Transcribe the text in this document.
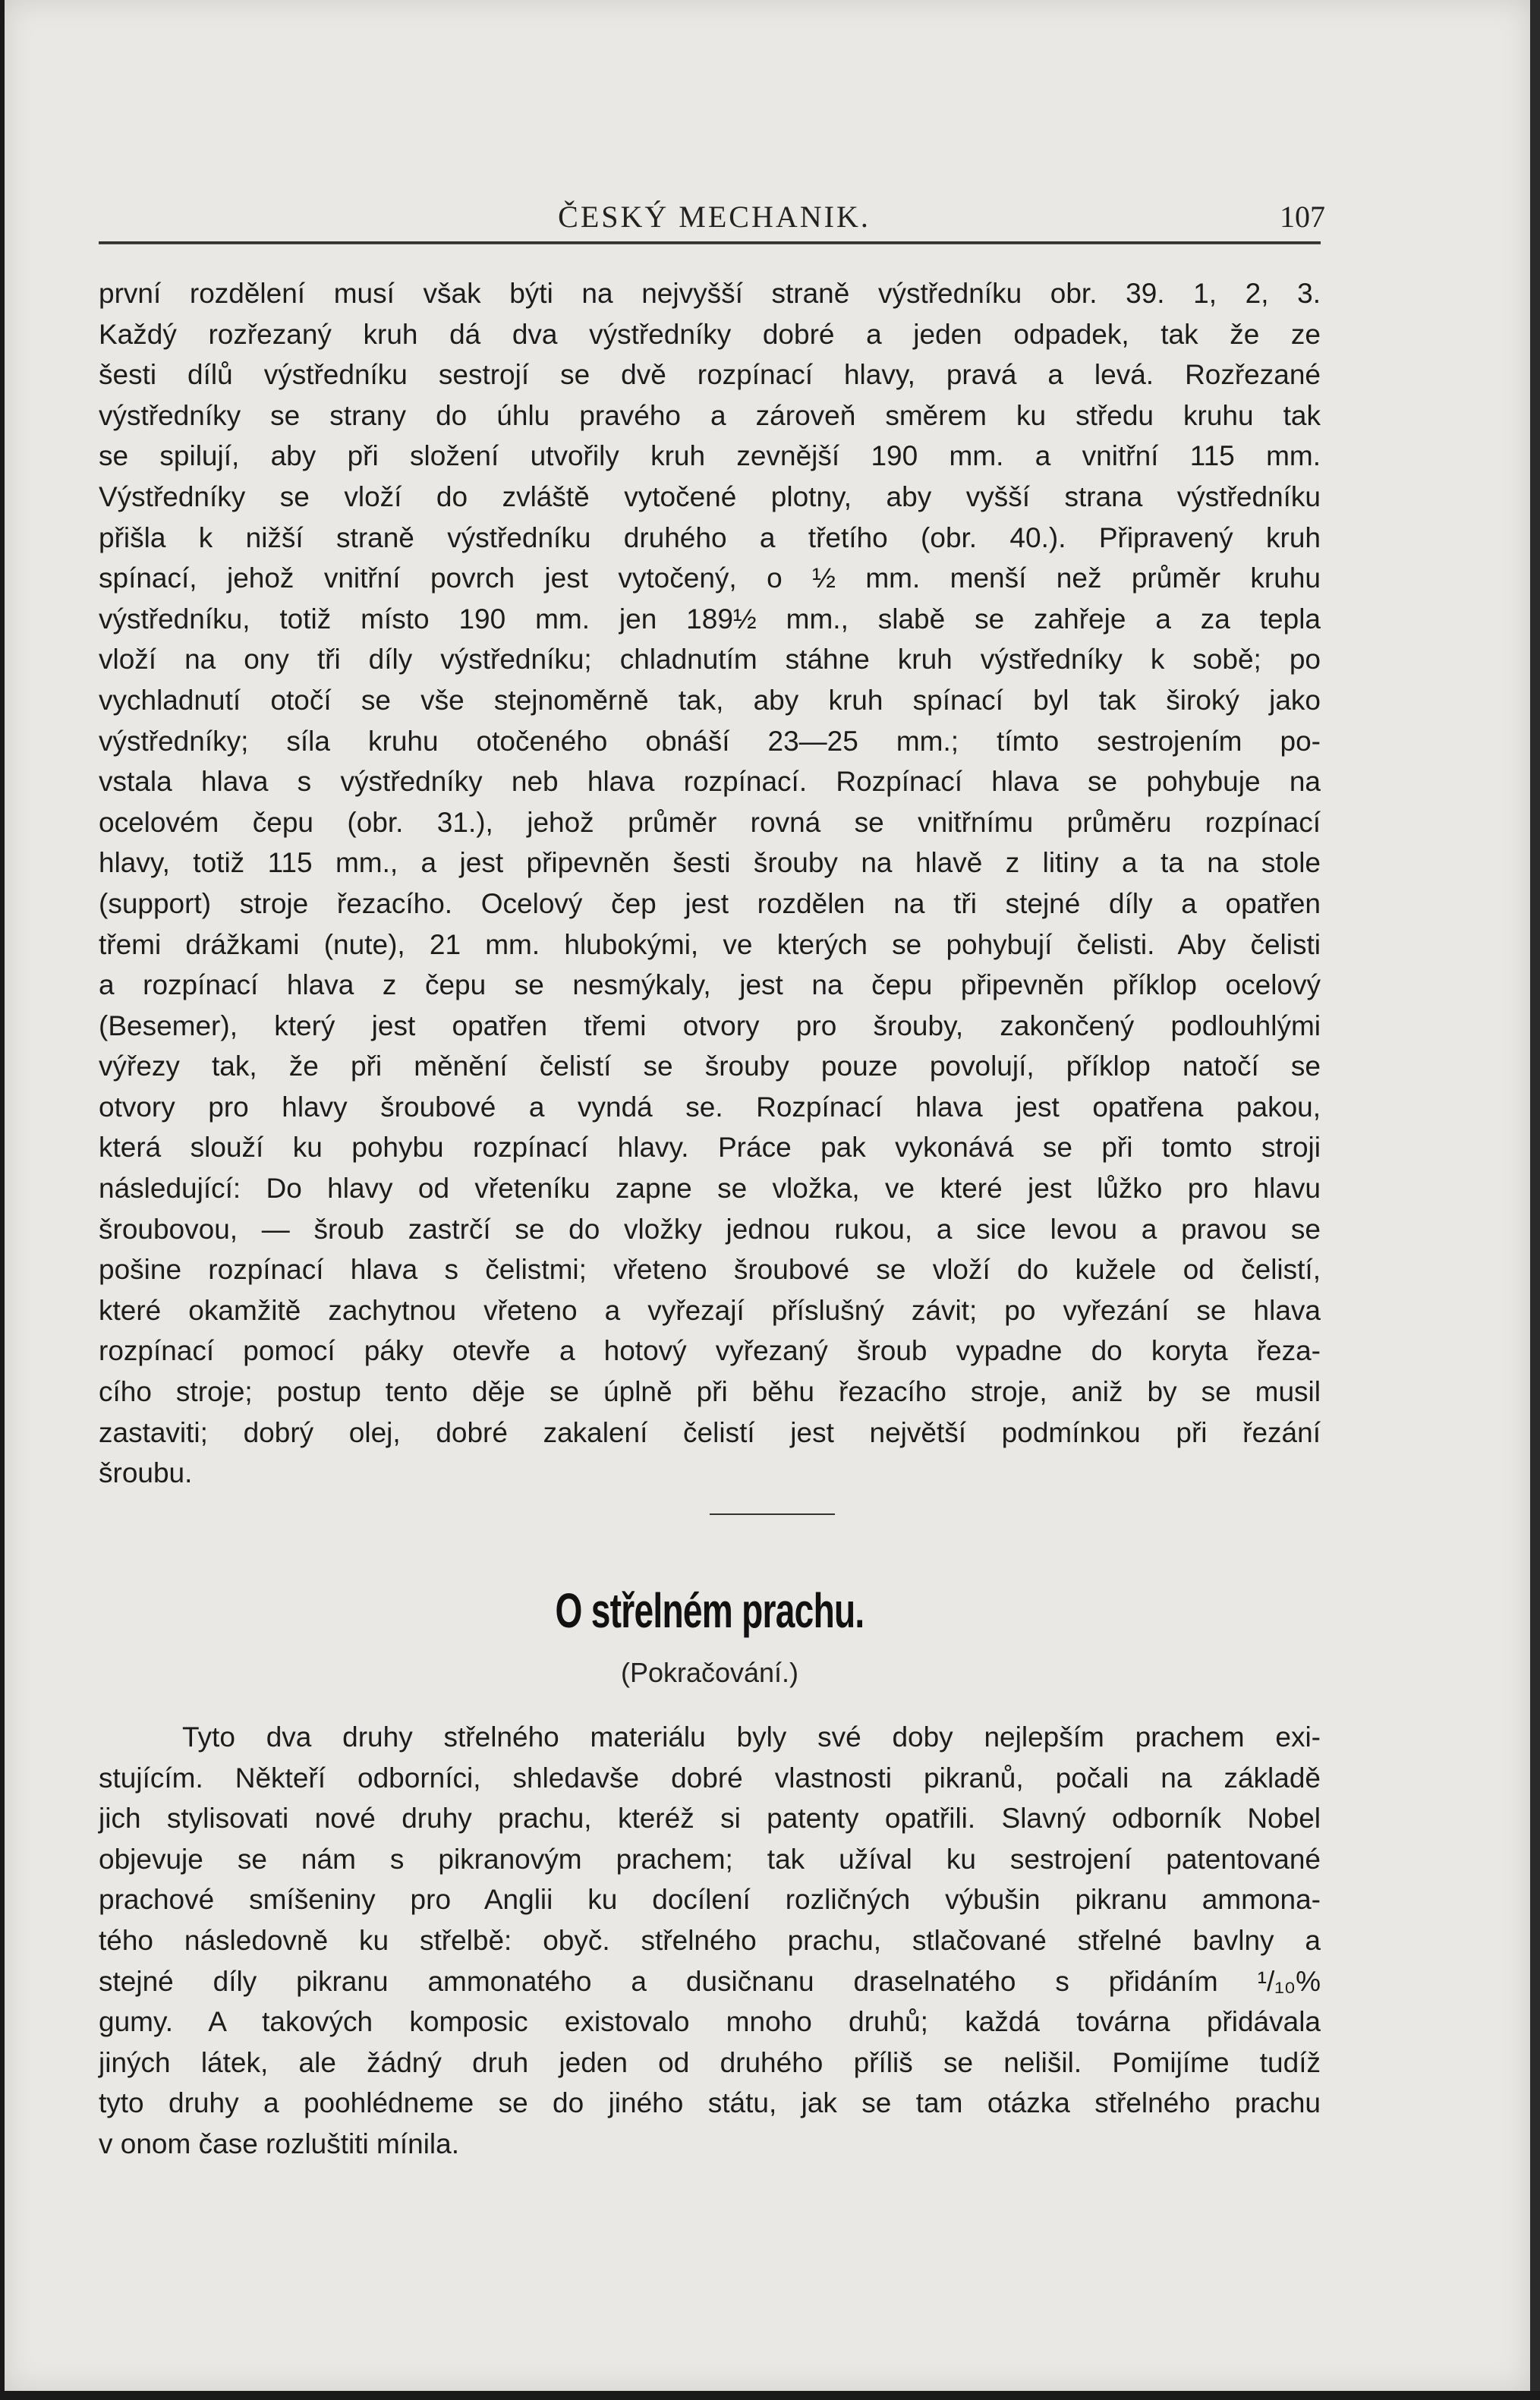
ČESKÝ MECHANIK.	107
první rozdělení musí však býti na nejvyšší straně výstředníku obr. 39. 1, 2, 3.
Každý rozřezaný kruh dá dva výstředníky dobré a jeden odpadek, tak že ze
šesti dílů výstředníku sestrojí se dvě rozpínací hlavy, pravá a levá. Rozřezané
výstředníky se strany do úhlu pravého a zároveň směrem ku středu kruhu tak
se spilují, aby při složení utvořily kruh zevnější 190 mm. a vnitřní 115 mm.
Výstředníky se vloží do zvláště vytočené plotny, aby vyšší strana výstředníku
přišla k nižší straně výstředníku druhého a třetího (obr. 40.). Připravený kruh
spínací, jehož vnitřní povrch jest vytočený, o ½ mm. menší než průměr kruhu
výstředníku, totiž místo 190 mm. jen 189½ mm., slabě se zahřeje a za tepla
vloží na ony tři díly výstředníku; chladnutím stáhne kruh výstředníky k sobě; po
vychladnutí otočí se vše stejnoměrně tak, aby kruh spínací byl tak široký jako
výstředníky; síla kruhu otočeného obnáší 23—25 mm.; tímto sestrojením po-
vstala hlava s výstředníky neb hlava rozpínací. Rozpínací hlava se pohybuje na
ocelovém čepu (obr. 31.), jehož průměr rovná se vnitřnímu průměru rozpínací
hlavy, totiž 115 mm., a jest připevněn šesti šrouby na hlavě z litiny a ta na stole
(support) stroje řezacího. Ocelový čep jest rozdělen na tři stejné díly a opatřen
třemi drážkami (nute), 21 mm. hlubokými, ve kterých se pohybují čelisti. Aby čelisti
a rozpínací hlava z čepu se nesmýkaly, jest na čepu připevněn příklop ocelový
(Besemer), který jest opatřen třemi otvory pro šrouby, zakončený podlouhlými
výřezy tak, že při měnění čelistí se šrouby pouze povolují, příklop natočí se
otvory pro hlavy šroubové a vyndá se. Rozpínací hlava jest opatřena pakou,
která slouží ku pohybu rozpínací hlavy. Práce pak vykonává se při tomto stroji
následující: Do hlavy od vřeteníku zapne se vložka, ve které jest lůžko pro hlavu
šroubovou, — šroub zastrčí se do vložky jednou rukou, a sice levou a pravou se
pošine rozpínací hlava s čelistmi; vřeteno šroubové se vloží do kužele od čelistí,
které okamžitě zachytnou vřeteno a vyřezají příslušný závit; po vyřezání se hlava
rozpínací pomocí páky otevře a hotový vyřezaný šroub vypadne do koryta řeza-
cího stroje; postup tento děje se úplně při běhu řezacího stroje, aniž by se musil
zastaviti; dobrý olej, dobré zakalení čelistí jest největší podmínkou při řezání
šroubu.
O střelném prachu.
(Pokračování.)
Tyto dva druhy střelného materiálu byly své doby nejlepším prachem exi-
stujícím. Někteří odborníci, shledavše dobré vlastnosti pikranů, počali na základě
jich stylisovati nové druhy prachu, kteréž si patenty opatřili. Slavný odborník Nobel
objevuje se nám s pikranovým prachem; tak užíval ku sestrojení patentované
prachové smíšeniny pro Anglii ku docílení rozličných výbušin pikranu ammona-
tého následovně ku střelbě: obyč. střelného prachu, stlačované střelné bavlny a
stejné díly pikranu ammonatého a dusičnanu draselnatého s přidáním ¹/₁₀%
gumy. A takových komposic existovalo mnoho druhů; každá továrna přidávala
jiných látek, ale žádný druh jeden od druhého příliš se nelišil. Pomijíme tudíž
tyto druhy a poohlédneme se do jiného státu, jak se tam otázka střelného prachu
v onom čase rozluštiti mínila.
